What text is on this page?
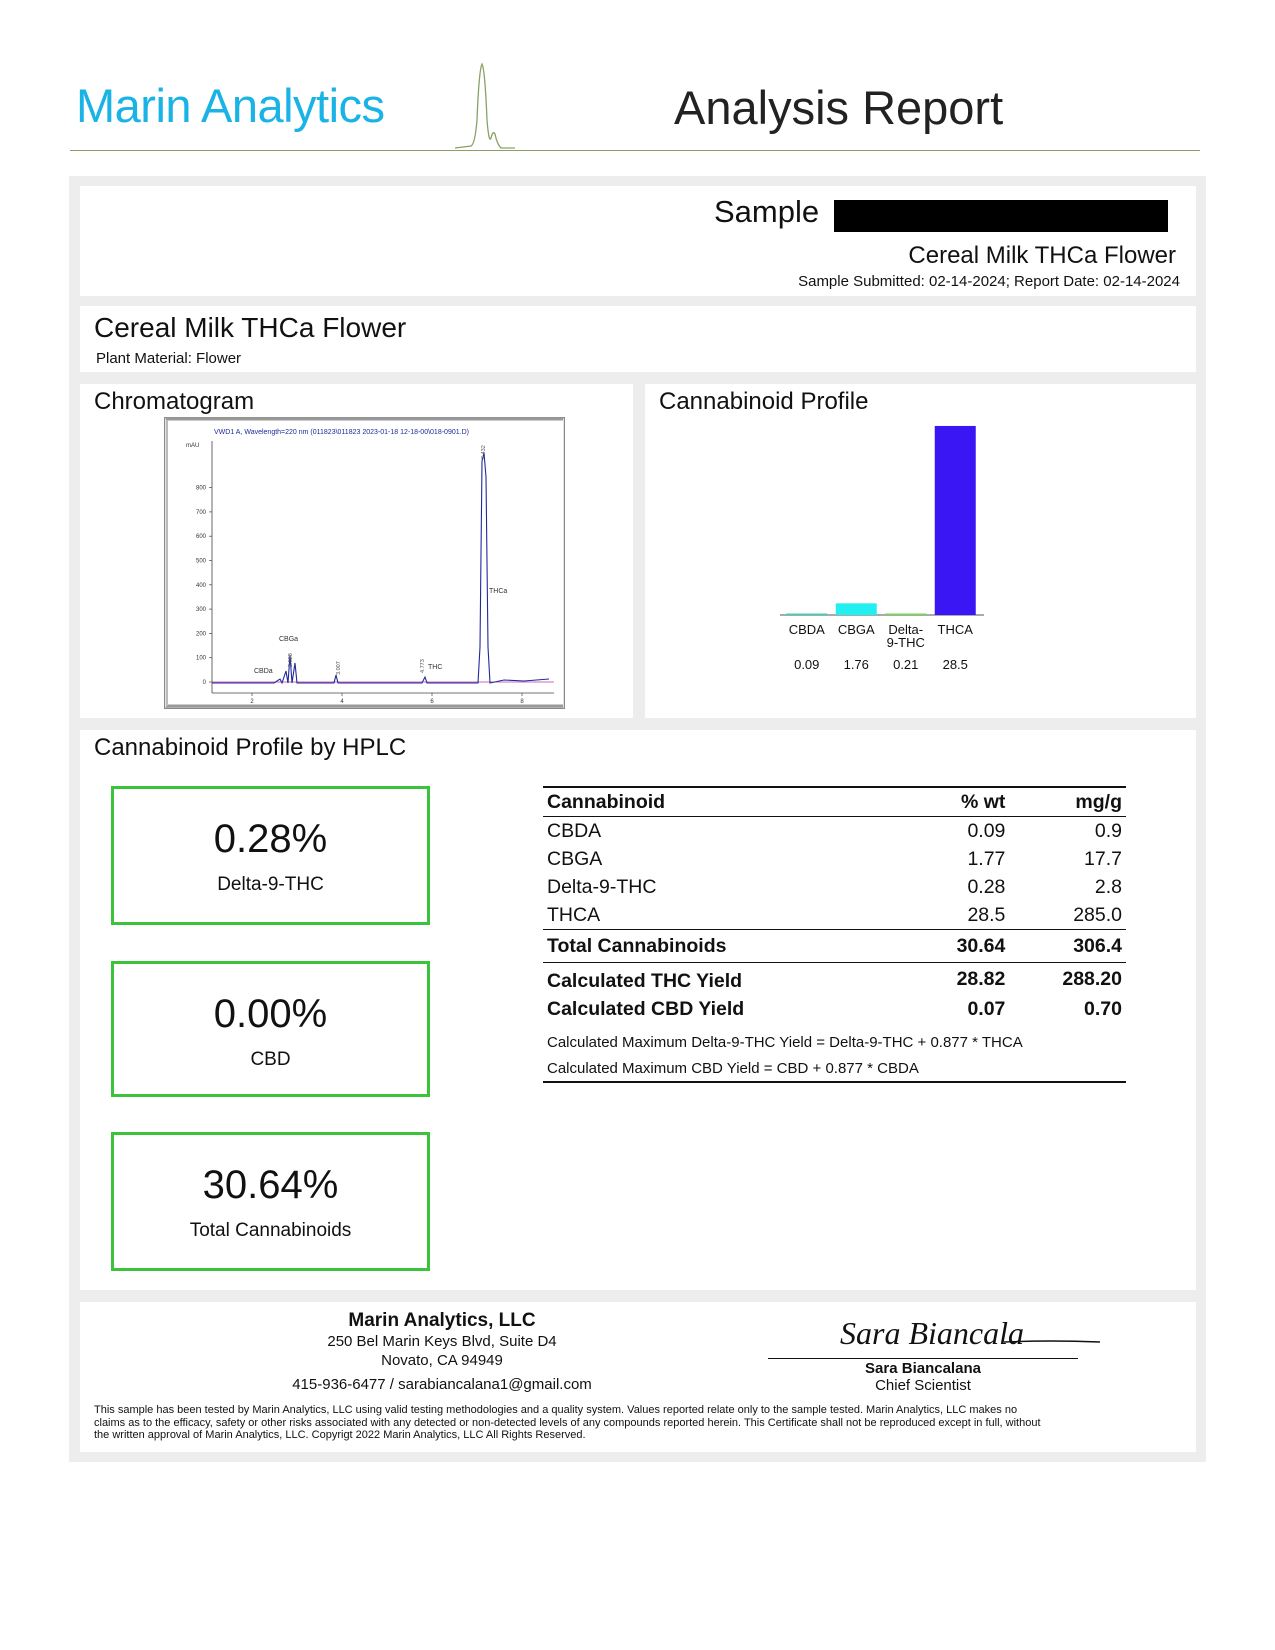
Marin Analytics	Analysis Report
Sample
Cereal Milk THCa Flower
Sample Submitted: 02-14-2024; Report Date: 02-14-2024
Cereal Milk THCa Flower
Plant Material: Flower
Chromatogram
VWD1 A, Wavelength=220 nm (011823\011823 2023-01-18 12-18-00\018-0901.D)
mAU
800
700
600
500
400
300
200
100
0
2	4	6	8
CBDa
CBGa
THC
THCa
2.823
3.007	4.773
6.432
Cannabinoid Profile
CBDA
0.09
CBGA
1.76
Delta-
9-THC
0.21
THCA
28.5
Cannabinoid Profile by HPLC
0.28%
Delta-9-THC
0.00%
CBD
30.64%
Total Cannabinoids
Cannabinoid	% wt	mg/g
CBDA	0.09	0.9
CBGA	1.77	17.7
Delta-9-THC	0.28	2.8
THCA	28.5	285.0
Total Cannabinoids	30.64	306.4
Calculated THC Yield	28.82	288.20
Calculated CBD Yield	0.07	0.70
Calculated Maximum Delta-9-THC Yield = Delta-9-THC + 0.877 * THCA		
Calculated Maximum CBD Yield = CBD + 0.877 * CBDA		
Marin Analytics, LLC
250 Bel Marin Keys Blvd, Suite D4
Novato, CA 94949
415-936-6477 / sarabiancalana1@gmail.com
Sara Biancala
Sara Biancalana
Chief Scientist
This sample has been tested by Marin Analytics, LLC using valid testing methodologies and a quality system. Values reported relate only to the sample tested. Marin Analytics, LLC makes no
claims as to the efficacy, safety or other risks associated with any detected or non-detected levels of any compounds reported herein. This Certificate shall not be reproduced except in full, without
the written approval of Marin Analytics, LLC. Copyrigt 2022 Marin Analytics, LLC All Rights Reserved.
